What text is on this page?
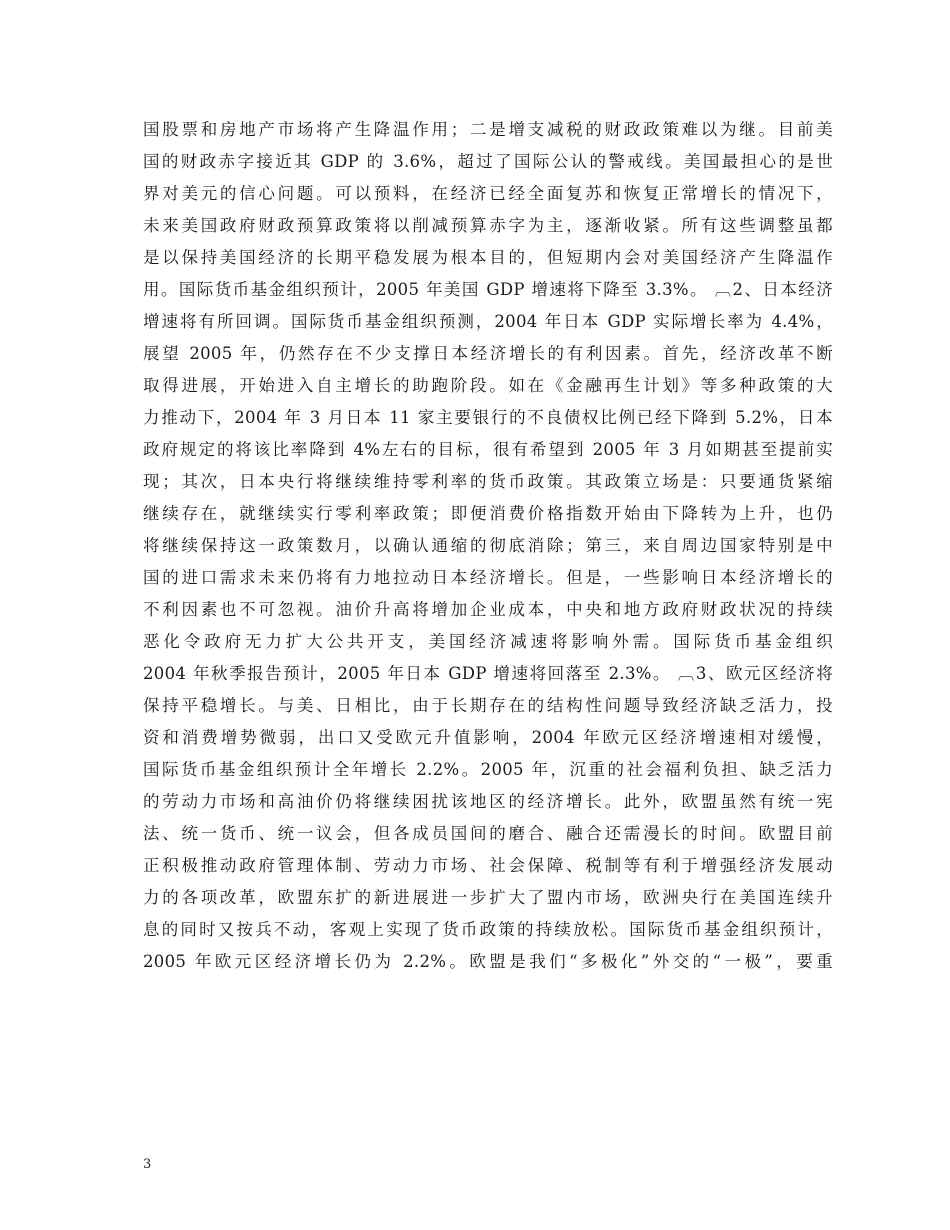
国股票和房地产市场将产生降温作用；二是增支减税的财政政策难以为继。目前美
国的财政赤字接近其 GDP 的 3.6%，超过了国际公认的警戒线。美国最担心的是世
界对美元的信心问题。可以预料，在经济已经全面复苏和恢复正常增长的情况下，
未来美国政府财政预算政策将以削减预算赤字为主，逐渐收紧。所有这些调整虽都
是以保持美国经济的长期平稳发展为根本目的，但短期内会对美国经济产生降温作
用。国际货币基金组织预计，2005 年美国 GDP 增速将下降至 3.3%。 ︹2、日本经济
增速将有所回调。国际货币基金组织预测，2004 年日本 GDP 实际增长率为 4.4%，
展望 2005 年，仍然存在不少支撑日本经济增长的有利因素。首先，经济改革不断
取得进展，开始进入自主增长的助跑阶段。如在《金融再生计划》等多种政策的大
力推动下，2004 年 3 月日本 11 家主要银行的不良债权比例已经下降到 5.2%，日本
政府规定的将该比率降到 4%左右的目标，很有希望到 2005 年 3 月如期甚至提前实
现；其次，日本央行将继续维持零利率的货币政策。其政策立场是：只要通货紧缩
继续存在，就继续实行零利率政策；即便消费价格指数开始由下降转为上升，也仍
将继续保持这一政策数月，以确认通缩的彻底消除；第三，来自周边国家特别是中
国的进口需求未来仍将有力地拉动日本经济增长。但是，一些影响日本经济增长的
不利因素也不可忽视。油价升高将增加企业成本，中央和地方政府财政状况的持续
恶化令政府无力扩大公共开支，美国经济减速将影响外需。国际货币基金组织
2004 年秋季报告预计，2005 年日本 GDP 增速将回落至 2.3%。 ︹3、欧元区经济将
保持平稳增长。与美、日相比，由于长期存在的结构性问题导致经济缺乏活力，投
资和消费增势微弱，出口又受欧元升值影响，2004 年欧元区经济增速相对缓慢，
国际货币基金组织预计全年增长 2.2%。2005 年，沉重的社会福利负担、缺乏活力
的劳动力市场和高油价仍将继续困扰该地区的经济增长。此外，欧盟虽然有统一宪
法、统一货币、统一议会，但各成员国间的磨合、融合还需漫长的时间。欧盟目前
正积极推动政府管理体制、劳动力市场、社会保障、税制等有利于增强经济发展动
力的各项改革，欧盟东扩的新进展进一步扩大了盟内市场，欧洲央行在美国连续升
息的同时又按兵不动，客观上实现了货币政策的持续放松。国际货币基金组织预计，
2005 年欧元区经济增长仍为 2.2%。欧盟是我们“多极化”外交的“一极”，要重
3
